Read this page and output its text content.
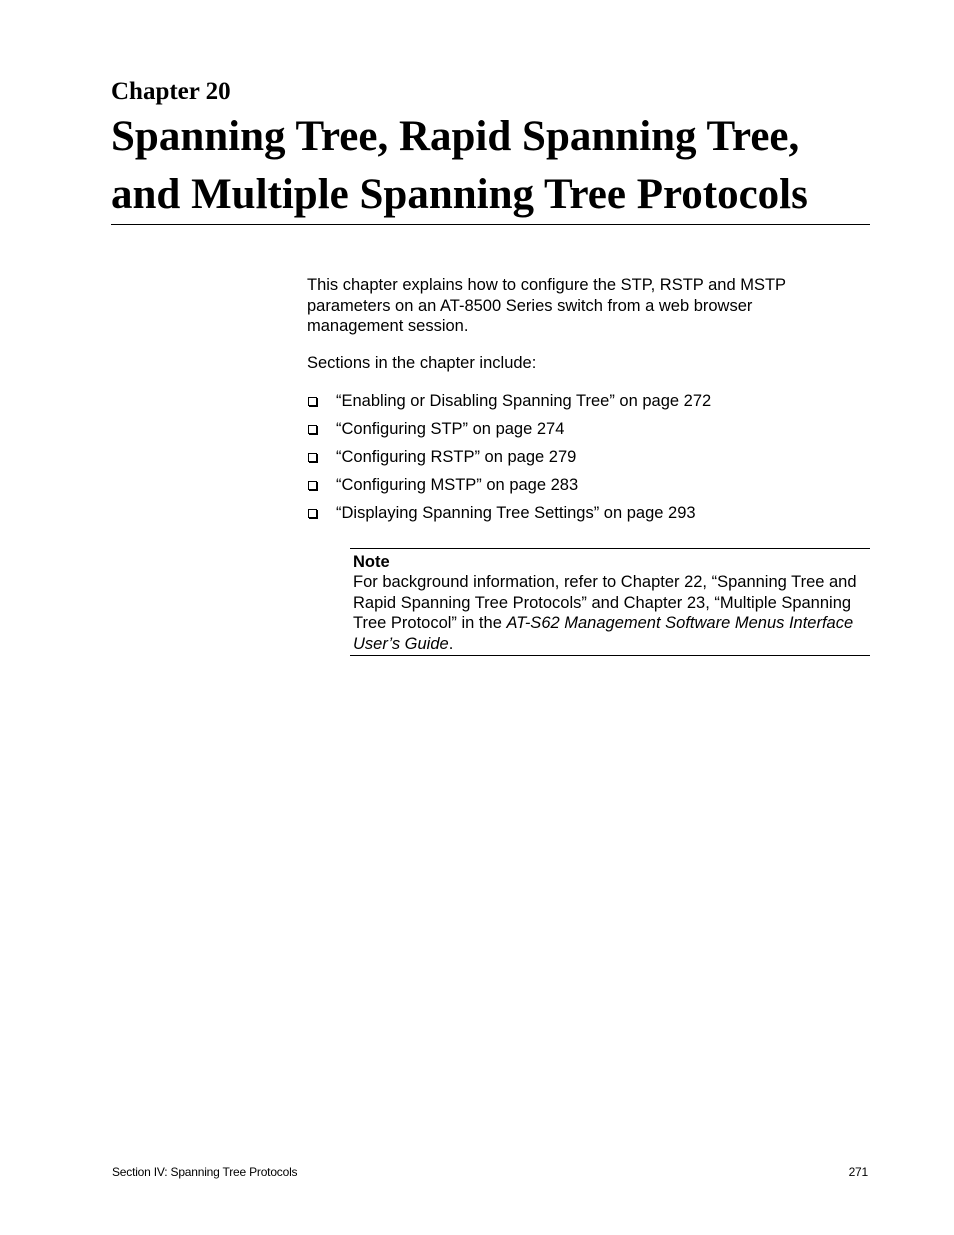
Chapter 20
Spanning Tree, Rapid Spanning Tree,
and Multiple Spanning Tree Protocols

This chapter explains how to configure the STP, RSTP and MSTP parameters on an AT-8500 Series switch from a web browser management session.

Sections in the chapter include:

“Enabling or Disabling Spanning Tree” on page 272
“Configuring STP” on page 274
“Configuring RSTP” on page 279
“Configuring MSTP” on page 283
“Displaying Spanning Tree Settings” on page 293

Note

For background information, refer to Chapter 22, “Spanning Tree and Rapid Spanning Tree Protocols” and Chapter 23, “Multiple Spanning Tree Protocol” in the AT-S62 Management Software Menus Interface User’s Guide.

Section IV: Spanning Tree Protocols	271
